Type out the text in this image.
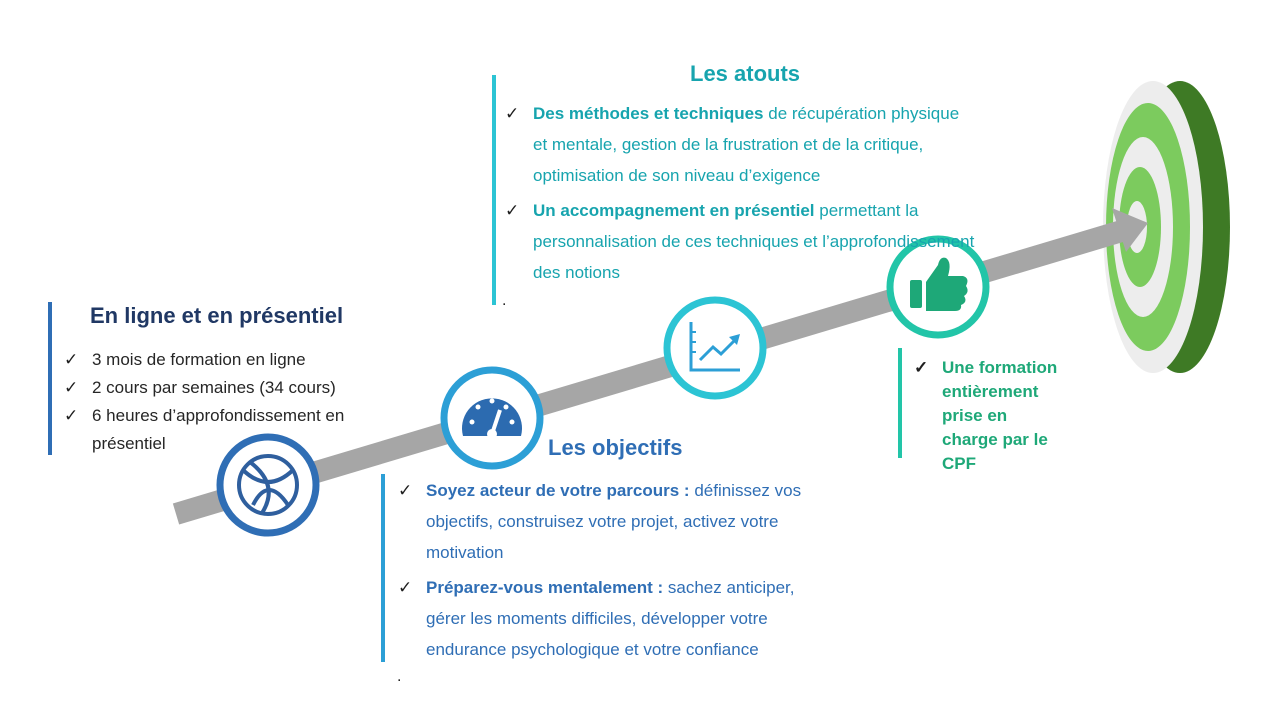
En ligne et en présentiel
✓ 3 mois de formation en ligne
✓ 2 cours par semaines (34 cours)
✓ 6 heures d’approfondissement en présentiel	Les objectifs
✓ Soyez acteur de votre parcours : définissez vos objectifs, construisez votre projet, activez votre motivation
✓ Préparez-vous mentalement : sachez anticiper, gérer les moments difficiles, développer votre endurance psychologique et votre confiance
.
Les atouts
✓ Des méthodes et techniques de récupération physique et mentale, gestion de la frustration et de la critique, optimisation de son niveau d’exigence
✓ Un accompagnement en présentiel permettant la personnalisation de ces techniques et l’approfondissement des notions
.
✓ Une formation entièrement prise en charge par le CPF
